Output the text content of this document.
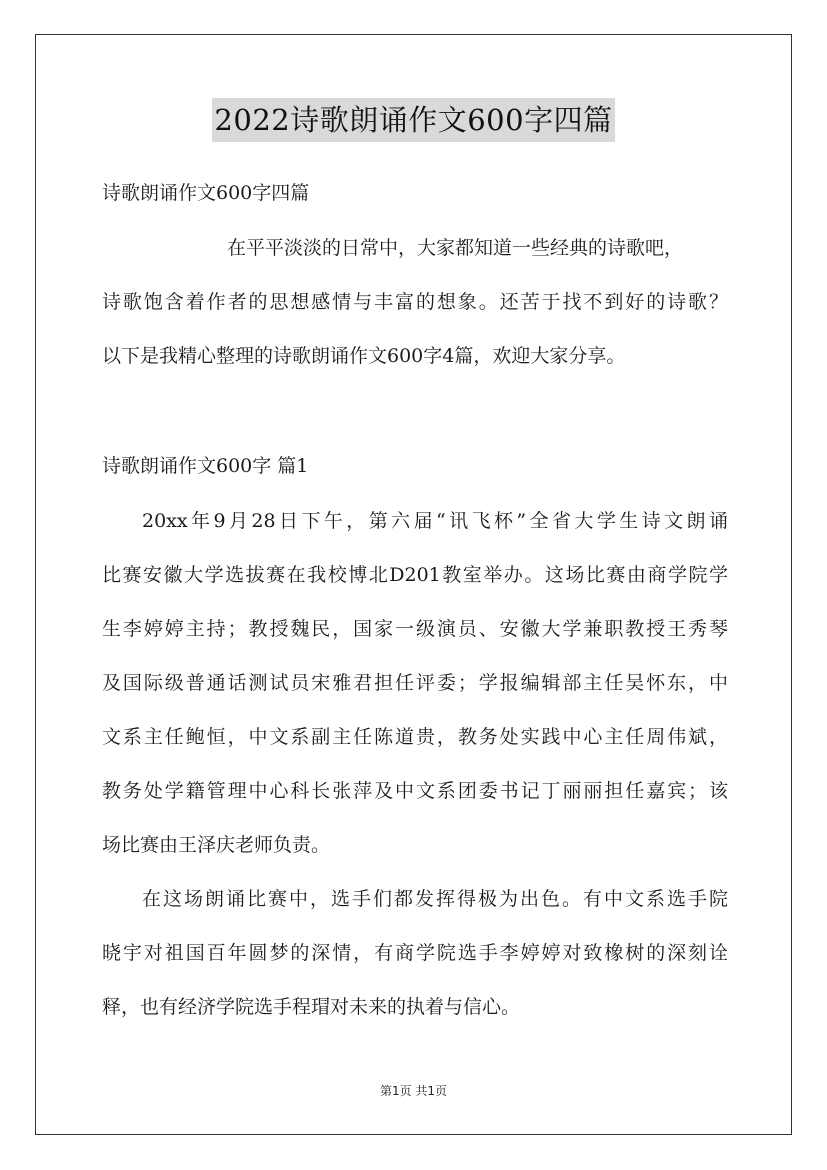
2022诗歌朗诵作文600字四篇
诗歌朗诵作文600字四篇
在平平淡淡的日常中，大家都知道一些经典的诗歌吧，
诗歌饱含着作者的思想感情与丰富的想象。还苦于找不到好的诗歌？
以下是我精心整理的诗歌朗诵作文600字4篇，欢迎大家分享。
诗歌朗诵作文600字 篇1
20xx年9月28日下午，第六届“讯飞杯”全省大学生诗文朗诵
比赛安徽大学选拔赛在我校博北D201教室举办。这场比赛由商学院学
生李婷婷主持；教授魏民，国家一级演员、安徽大学兼职教授王秀琴
及国际级普通话测试员宋雅君担任评委；学报编辑部主任吴怀东，中
文系主任鲍恒，中文系副主任陈道贵，教务处实践中心主任周伟斌，
教务处学籍管理中心科长张萍及中文系团委书记丁丽丽担任嘉宾；该
场比赛由王泽庆老师负责。
在这场朗诵比赛中，选手们都发挥得极为出色。有中文系选手院
晓宇对祖国百年圆梦的深情，有商学院选手李婷婷对致橡树的深刻诠
释，也有经济学院选手程瑁对未来的执着与信心。
第1页 共1页
